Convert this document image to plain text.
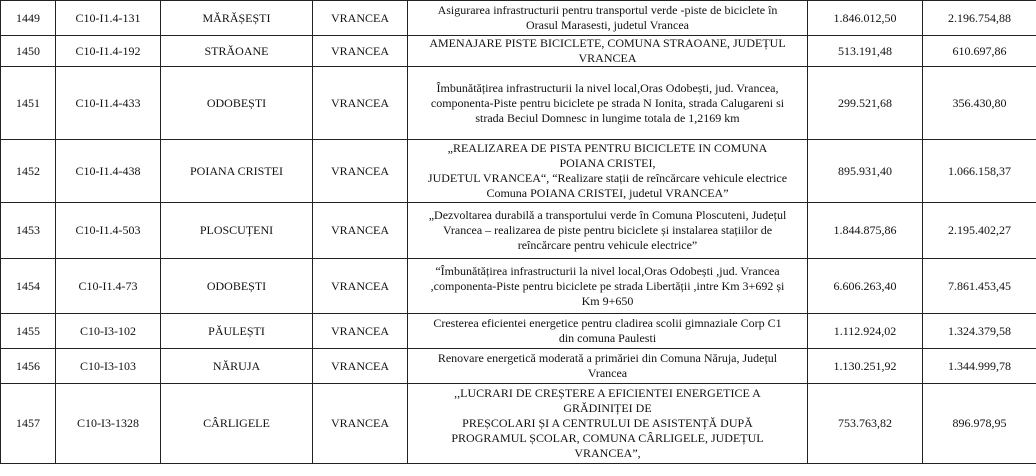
1449	C10-I1.4-131	MĂRĂȘEȘTI	VRANCEA	Asigurarea infrastructurii pentru transportul verde -piste de biciclete în
Orasul Marasesti, judetul Vrancea	1.846.012,50	2.196.754,88
1450	C10-I1.4-192	STRĂOANE	VRANCEA	AMENAJARE PISTE BICICLETE, COMUNA STRAOANE, JUDEȚUL
VRANCEA	513.191,48	610.697,86
1451	C10-I1.4-433	ODOBEȘTI	VRANCEA	Îmbunătățirea infrastructurii la nivel local,Oras Odobești, jud. Vrancea,
componenta-Piste pentru biciclete pe strada N Ionita, strada Calugareni si
strada Beciul Domnesc in lungime totala de 1,2169 km	299.521,68	356.430,80
1452	C10-I1.4-438	POIANA CRISTEI	VRANCEA	„REALIZAREA DE PISTA PENTRU BICICLETE IN COMUNA
POIANA CRISTEI,
JUDETUL VRANCEA“, “Realizare stații de reîncărcare vehicule electrice
Comuna POIANA CRISTEI, judetul VRANCEA”	895.931,40	1.066.158,37
1453	C10-I1.4-503	PLOSCUȚENI	VRANCEA	„Dezvoltarea durabilă a transportului verde în Comuna Ploscuteni, Județul
Vrancea – realizarea de piste pentru biciclete și instalarea stațiilor de
reîncărcare pentru vehicule electrice”	1.844.875,86	2.195.402,27
1454	C10-I1.4-73	ODOBEȘTI	VRANCEA	“Îmbunătățirea infrastructurii la nivel local,Oras Odobești ,jud. Vrancea
,componenta-Piste pentru biciclete pe strada Libertății ,intre Km 3+692 și
Km 9+650	6.606.263,40	7.861.453,45
1455	C10-I3-102	PĂULEȘTI	VRANCEA	Cresterea eficientei energetice pentru cladirea scolii gimnaziale Corp C1
din comuna Paulesti	1.112.924,02	1.324.379,58
1456	C10-I3-103	NĂRUJA	VRANCEA	Renovare energetică moderată a primăriei din Comuna Năruja, Județul
Vrancea	1.130.251,92	1.344.999,78
1457	C10-I3-1328	CÂRLIGELE	VRANCEA	,,LUCRARI DE CREȘTERE A EFICIENTEI ENERGETICE A
GRĂDINIȚEI DE
PREȘCOLARI ȘI A CENTRULUI DE ASISTENȚĂ DUPĂ
PROGRAMUL ȘCOLAR, COMUNA CÂRLIGELE, JUDEȚUL
VRANCEA”,	753.763,82	896.978,95
